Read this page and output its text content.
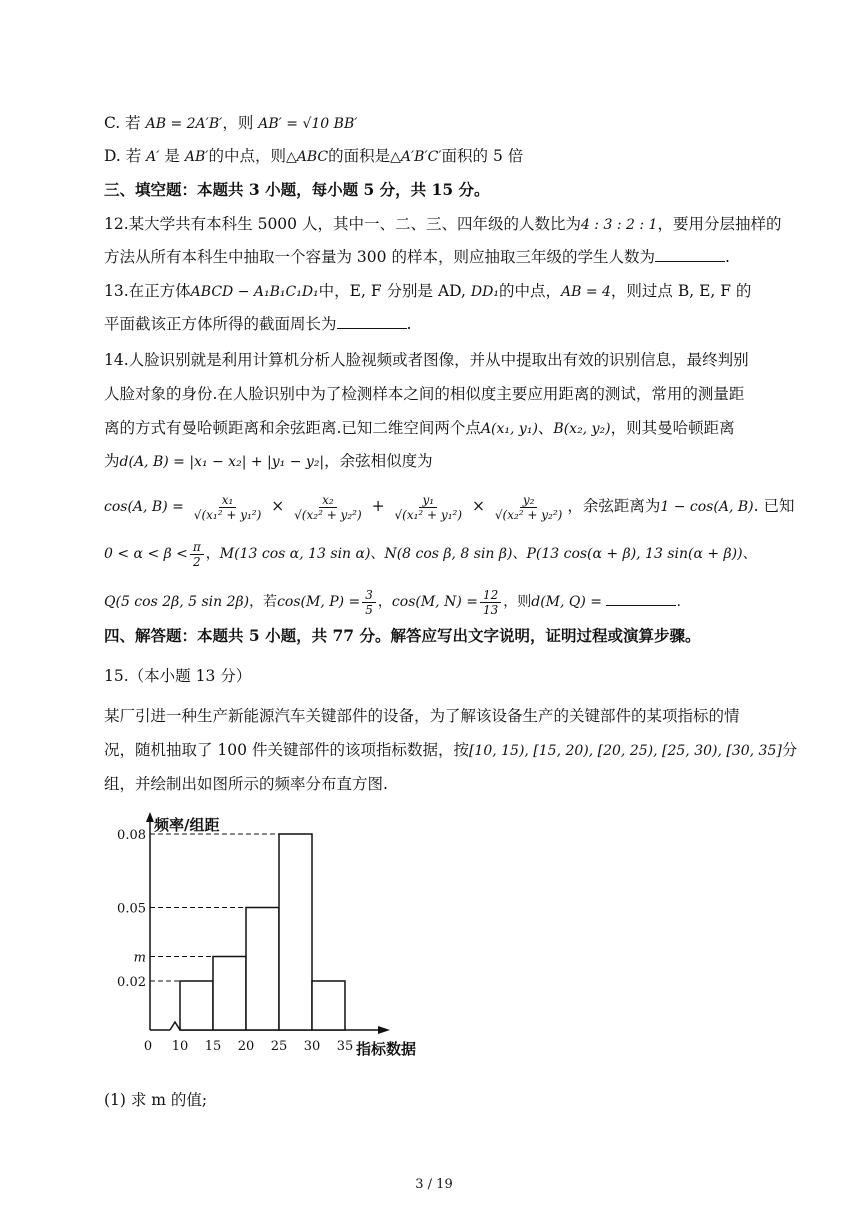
C. 若 AB = 2A′B′，则 AB′ = √10 BB′
D. 若 A′ 是 AB′的中点，则△ABC的面积是△A′B′C′面积的 5 倍
三、填空题：本题共 3 小题，每小题 5 分，共 15 分。
12.某大学共有本科生 5000 人，其中一、二、三、四年级的人数比为4 : 3 : 2 : 1，要用分层抽样的
方法从所有本科生中抽取一个容量为 300 的样本，则应抽取三年级的学生人数为	.
13.在正方体ABCD − A₁B₁C₁D₁中，E, F 分别是 AD, DD₁的中点，AB = 4，则过点 B, E, F 的
平面截该正方体所得的截面周长为	.
14.人脸识别就是利用计算机分析人脸视频或者图像，并从中提取出有效的识别信息，最终判别
人脸对象的身份.在人脸识别中为了检测样本之间的相似度主要应用距离的测试，常用的测量距
离的方式有曼哈顿距离和余弦距离.已知二维空间两个点A(x₁, y₁)、B(x₂, y₂)，则其曼哈顿距离
为d(A, B) = |x₁ − x₂| + |y₁ − y₂|，余弦相似度为
cos(A, $B) = \frac{\text{x₁}}{\text{√(x₁² + y₁²)}} \times \frac{\text{x₂}}{\text{√(x₂² + y₂²)}} + \frac{\text{y₁}}{\text{√(x₁² + y₁²)}} \times \frac{\text{y₂}}{\text{√(x₂² + y₂²)}}$ ，余弦距离为1 − cos(A, B). 已知
$0 < \alpha < \beta < \frac{\pi}{2}$ ，M(13 cos α, 13 sin α)、N(8 cos β, 8 sin β)、P(13 cos(α + β), 13 sin(α + β))、
Q(5 cos 2β, 5 sin 2β)，若cos(M, $P) = \frac{3}{5}$ ，cos(M, $N) = \frac{12}{13}$ ，则d(M, Q) =	.
四、解答题：本题共 5 小题，共 77 分。解答应写出文字说明，证明过程或演算步骤。
15.（本小题 13 分）
某厂引进一种生产新能源汽车关键部件的设备，为了解该设备生产的关键部件的某项指标的情
况，随机抽取了 100 件关键部件的该项指标数据，按[10, 15), [15, 20), [20, 25), [25, 30), [30, 35]分
组，并绘制出如图所示的频率分布直方图.
0.08
0.05
m
0.02
10 15 20 25 30 35
0
频率/组距
指标数据
(1) 求 m 的值;
3 / 19
